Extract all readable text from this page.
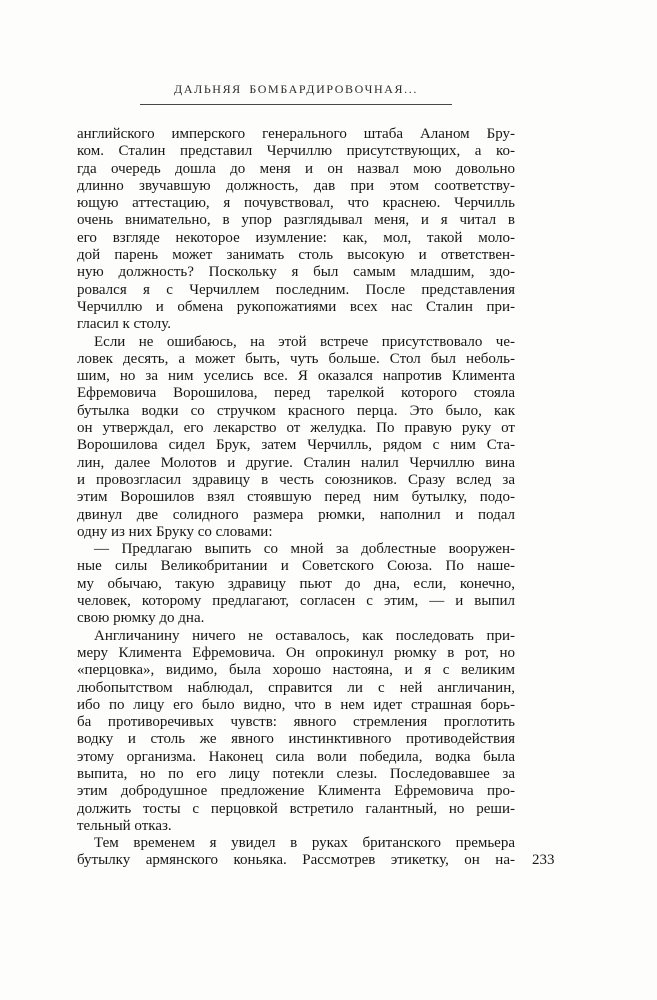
ДАЛЬНЯЯ БОМБАРДИРОВОЧНАЯ...
английского имперского генерального штаба Аланом Бру-
ком. Сталин представил Черчиллю присутствующих, а ко-
гда очередь дошла до меня и он назвал мою довольно
длинно звучавшую должность, дав при этом соответству-
ющую аттестацию, я почувствовал, что краснею. Черчилль
очень внимательно, в упор разглядывал меня, и я читал в
его взгляде некоторое изумление: как, мол, такой моло-
дой парень может занимать столь высокую и ответствен-
ную должность? Поскольку я был самым младшим, здо-
ровался я с Черчиллем последним. После представления
Черчиллю и обмена рукопожатиями всех нас Сталин при-
гласил к столу.
Если не ошибаюсь, на этой встрече присутствовало че-
ловек десять, а может быть, чуть больше. Стол был неболь-
шим, но за ним уселись все. Я оказался напротив Климента
Ефремовича Ворошилова, перед тарелкой которого стояла
бутылка водки со стручком красного перца. Это было, как
он утверждал, его лекарство от желудка. По правую руку от
Ворошилова сидел Брук, затем Черчилль, рядом с ним Ста-
лин, далее Молотов и другие. Сталин налил Черчиллю вина
и провозгласил здравицу в честь союзников. Сразу вслед за
этим Ворошилов взял стоявшую перед ним бутылку, подо-
двинул две солидного размера рюмки, наполнил и подал
одну из них Бруку со словами:
— Предлагаю выпить со мной за доблестные вооружен-
ные силы Великобритании и Советского Союза. По наше-
му обычаю, такую здравицу пьют до дна, если, конечно,
человек, которому предлагают, согласен с этим, — и выпил
свою рюмку до дна.
Англичанину ничего не оставалось, как последовать при-
меру Климента Ефремовича. Он опрокинул рюмку в рот, но
«перцовка», видимо, была хорошо настояна, и я с великим
любопытством наблюдал, справится ли с ней англичанин,
ибо по лицу его было видно, что в нем идет страшная борь-
ба противоречивых чувств: явного стремления проглотить
водку и столь же явного инстинктивного противодействия
этому организма. Наконец сила воли победила, водка была
выпита, но по его лицу потекли слезы. Последовавшее за
этим добродушное предложение Климента Ефремовича про-
должить тосты с перцовкой встретило галантный, но реши-
тельный отказ.
Тем временем я увидел в руках британского премьера
бутылку армянского коньяка. Рассмотрев этикетку, он на- 233
